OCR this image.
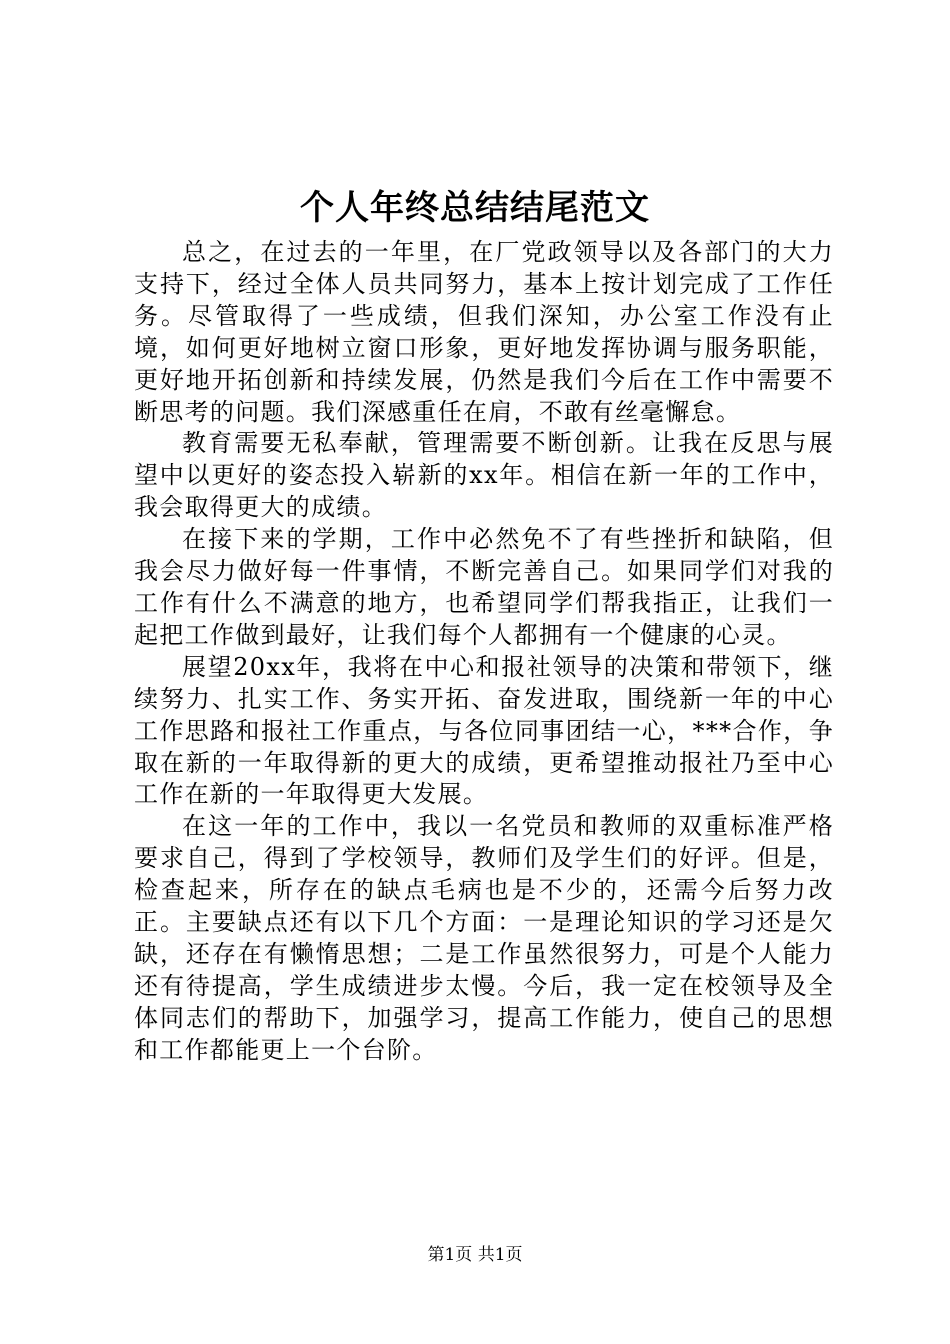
个人年终总结结尾范文

总之，在过去的一年里，在厂党政领导以及各部门的大力支持下，经过全体人员共同努力，基本上按计划完成了工作任务。尽管取得了一些成绩，但我们深知，办公室工作没有止境，如何更好地树立窗口形象，更好地发挥协调与服务职能，更好地开拓创新和持续发展，仍然是我们今后在工作中需要不断思考的问题。我们深感重任在肩，不敢有丝毫懈怠。

教育需要无私奉献，管理需要不断创新。让我在反思与展望中以更好的姿态投入崭新的xx年。相信在新一年的工作中，我会取得更大的成绩。

在接下来的学期，工作中必然免不了有些挫折和缺陷，但我会尽力做好每一件事情，不断完善自己。如果同学们对我的工作有什么不满意的地方，也希望同学们帮我指正，让我们一起把工作做到最好，让我们每个人都拥有一个健康的心灵。

展望20xx年，我将在中心和报社领导的决策和带领下，继续努力、扎实工作、务实开拓、奋发进取，围绕新一年的中心工作思路和报社工作重点，与各位同事团结一心，***合作，争取在新的一年取得新的更大的成绩，更希望推动报社乃至中心工作在新的一年取得更大发展。

在这一年的工作中，我以一名党员和教师的双重标准严格要求自己，得到了学校领导，教师们及学生们的好评。但是，检查起来，所存在的缺点毛病也是不少的，还需今后努力改正。主要缺点还有以下几个方面：一是理论知识的学习还是欠缺，还存在有懒惰思想；二是工作虽然很努力，可是个人能力还有待提高，学生成绩进步太慢。今后，我一定在校领导及全体同志们的帮助下，加强学习，提高工作能力，使自己的思想和工作都能更上一个台阶。

第1页 共1页
